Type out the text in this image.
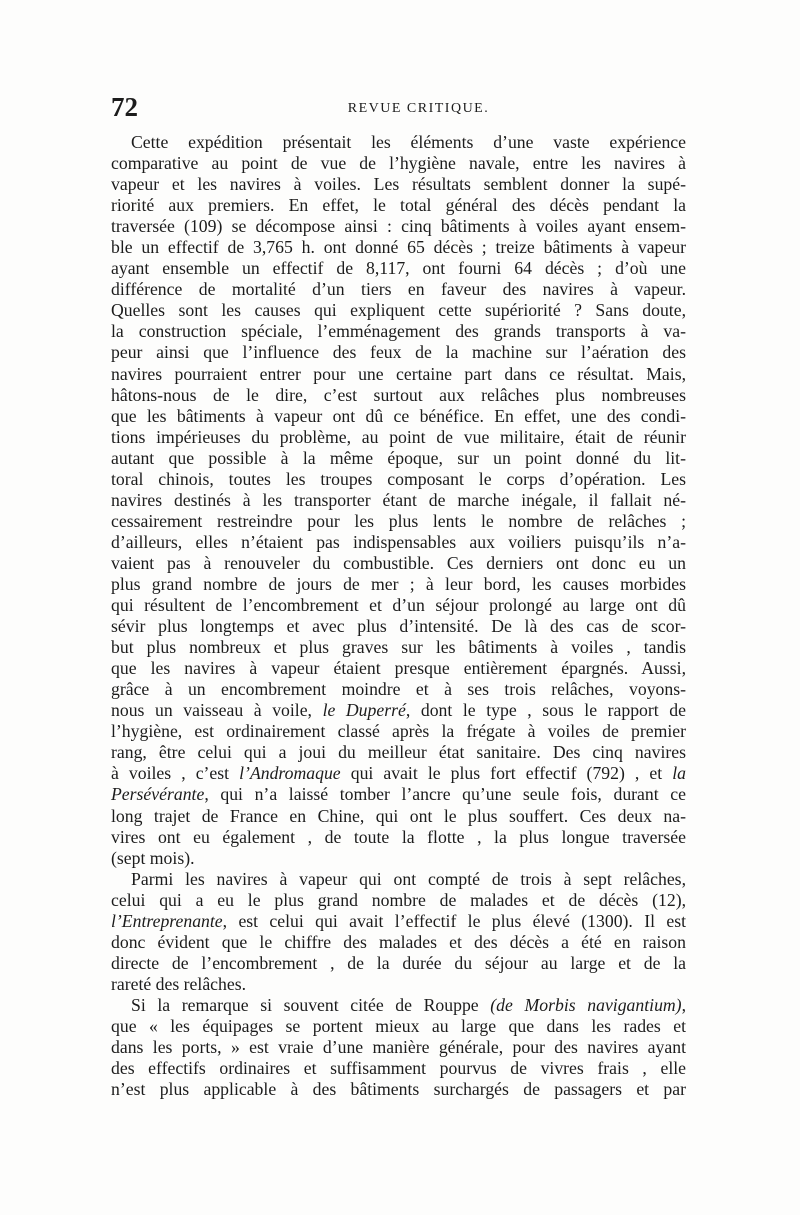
72	REVUE CRITIQUE.
Cette expédition présentait les éléments d’une vaste expérience
comparative au point de vue de l’hygiène navale, entre les navires à
vapeur et les navires à voiles. Les résultats semblent donner la supé-
riorité aux premiers. En effet, le total général des décès pendant la
traversée (109) se décompose ainsi : cinq bâtiments à voiles ayant ensem-
ble un effectif de 3,765 h. ont donné 65 décès ; treize bâtiments à vapeur
ayant ensemble un effectif de 8,117, ont fourni 64 décès ; d’où une
différence de mortalité d’un tiers en faveur des navires à vapeur.
Quelles sont les causes qui expliquent cette supériorité ? Sans doute,
la construction spéciale, l’emménagement des grands transports à va-
peur ainsi que l’influence des feux de la machine sur l’aération des
navires pourraient entrer pour une certaine part dans ce résultat. Mais,
hâtons-nous de le dire, c’est surtout aux relâches plus nombreuses
que les bâtiments à vapeur ont dû ce bénéfice. En effet, une des condi-
tions impérieuses du problème, au point de vue militaire, était de réunir
autant que possible à la même époque, sur un point donné du lit-
toral chinois, toutes les troupes composant le corps d’opération. Les
navires destinés à les transporter étant de marche inégale, il fallait né-
cessairement restreindre pour les plus lents le nombre de relâches ;
d’ailleurs, elles n’étaient pas indispensables aux voiliers puisqu’ils n’a-
vaient pas à renouveler du combustible. Ces derniers ont donc eu un
plus grand nombre de jours de mer ; à leur bord, les causes morbides
qui résultent de l’encombrement et d’un séjour prolongé au large ont dû
sévir plus longtemps et avec plus d’intensité. De là des cas de scor-
but plus nombreux et plus graves sur les bâtiments à voiles , tandis
que les navires à vapeur étaient presque entièrement épargnés. Aussi,
grâce à un encombrement moindre et à ses trois relâches, voyons-
nous un vaisseau à voile, le Duperré, dont le type , sous le rapport de
l’hygiène, est ordinairement classé après la frégate à voiles de premier
rang, être celui qui a joui du meilleur état sanitaire. Des cinq navires
à voiles , c’est l’Andromaque qui avait le plus fort effectif (792) , et la
Persévérante, qui n’a laissé tomber l’ancre qu’une seule fois, durant ce
long trajet de France en Chine, qui ont le plus souffert. Ces deux na-
vires ont eu également , de toute la flotte , la plus longue traversée
(sept mois).
Parmi les navires à vapeur qui ont compté de trois à sept relâches,
celui qui a eu le plus grand nombre de malades et de décès (12),
l’Entreprenante, est celui qui avait l’effectif le plus élevé (1300). Il est
donc évident que le chiffre des malades et des décès a été en raison
directe de l’encombrement , de la durée du séjour au large et de la
rareté des relâches.
Si la remarque si souvent citée de Rouppe (de Morbis navigantium),
que « les équipages se portent mieux au large que dans les rades et
dans les ports, » est vraie d’une manière générale, pour des navires ayant
des effectifs ordinaires et suffisamment pourvus de vivres frais , elle
n’est plus applicable à des bâtiments surchargés de passagers et par
